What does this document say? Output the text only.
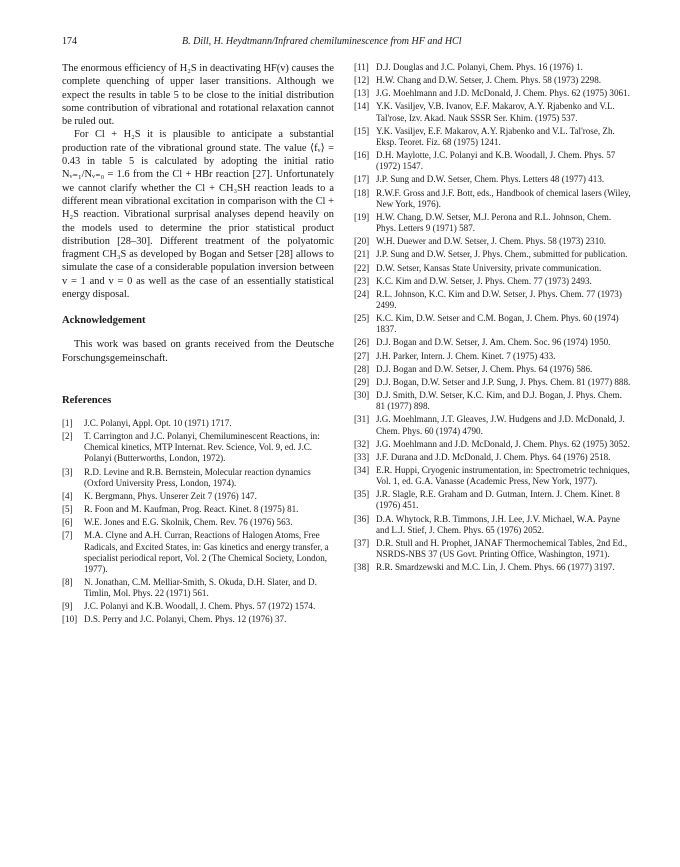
174	B. Dill, H. Heydtmann/Infrared chemiluminescence from HF and HCl

The enormous efficiency of H₂S in deactivating HF(v) causes the complete quenching of upper laser transitions. Although we expect the results in table 5 to be close to the initial distribution some contribution of vibrational and rotational relaxation cannot be ruled out.

For Cl + H₂S it is plausible to anticipate a substantial production rate of the vibrational ground state. The value ⟨fᵥ⟩ = 0.43 in table 5 is calculated by adopting the initial ratio Nᵥ₌₁/Nᵥ₌₀ = 1.6 from the Cl + HBr reaction [27]. Unfortunately we cannot clarify whether the Cl + CH₃SH reaction leads to a different mean vibrational excitation in comparison with the Cl + H₂S reaction. Vibrational surprisal analyses depend heavily on the models used to determine the prior statistical product distribution [28–30]. Different treatment of the polyatomic fragment CH₃S as developed by Bogan and Setser [28] allows to simulate the case of a considerable population inversion between v = 1 and v = 0 as well as the case of an essentially statistical energy disposal.

Acknowledgement

This work was based on grants received from the Deutsche Forschungsgemeinschaft.

References
[1]	J.C. Polanyi, Appl. Opt. 10 (1971) 1717.
[2]	T. Carrington and J.C. Polanyi, Chemiluminescent Reactions, in: Chemical kinetics, MTP Internat. Rev. Science, Vol. 9, ed. J.C. Polanyi (Butterworths, London, 1972).
[3]	R.D. Levine and R.B. Bernstein, Molecular reaction dynamics (Oxford University Press, London, 1974).
[4]	K. Bergmann, Phys. Unserer Zeit 7 (1976) 147.
[5]	R. Foon and M. Kaufman, Prog. React. Kinet. 8 (1975) 81.
[6]	W.E. Jones and E.G. Skolnik, Chem. Rev. 76 (1976) 563.
[7]	M.A. Clyne and A.H. Curran, Reactions of Halogen Atoms, Free Radicals, and Excited States, in: Gas kinetics and energy transfer, a specialist periodical report, Vol. 2 (The Chemical Society, London, 1977).
[8]	N. Jonathan, C.M. Melliar-Smith, S. Okuda, D.H. Slater, and D. Timlin, Mol. Phys. 22 (1971) 561.
[9]	J.C. Polanyi and K.B. Woodall, J. Chem. Phys. 57 (1972) 1574.
[10] D.S. Perry and J.C. Polanyi, Chem. Phys. 12 (1976) 37.
[11] D.J. Douglas and J.C. Polanyi, Chem. Phys. 16 (1976) 1.
[12] H.W. Chang and D.W. Setser, J. Chem. Phys. 58 (1973) 2298.
[13] J.G. Moehlmann and J.D. McDonald, J. Chem. Phys. 62 (1975) 3061.
[14] Y.K. Vasiljev, V.B. Ivanov, E.F. Makarov, A.Y. Rjabenko and V.L. Tal'rose, Izv. Akad. Nauk SSSR Ser. Khim. (1975) 537.
[15] Y.K. Vasiljev, E.F. Makarov, A.Y. Rjabenko and V.L. Tal'rose, Zh. Eksp. Teoret. Fiz. 68 (1975) 1241.
[16] D.H. Maylotte, J.C. Polanyi and K.B. Woodall, J. Chem. Phys. 57 (1972) 1547.
[17] J.P. Sung and D.W. Setser, Chem. Phys. Letters 48 (1977) 413.
[18] R.W.F. Gross and J.F. Bott, eds., Handbook of chemical lasers (Wiley, New York, 1976).
[19] H.W. Chang, D.W. Setser, M.J. Perona and R.L. Johnson, Chem. Phys. Letters 9 (1971) 587.
[20] W.H. Duewer and D.W. Setser, J. Chem. Phys. 58 (1973) 2310.
[21] J.P. Sung and D.W. Setser, J. Phys. Chem., submitted for publication.
[22] D.W. Setser, Kansas State University, private communication.
[23] K.C. Kim and D.W. Setser, J. Phys. Chem. 77 (1973) 2493.
[24] R.L. Johnson, K.C. Kim and D.W. Setser, J. Phys. Chem. 77 (1973) 2499.
[25] K.C. Kim, D.W. Setser and C.M. Bogan, J. Chem. Phys. 60 (1974) 1837.
[26] D.J. Bogan and D.W. Setser, J. Am. Chem. Soc. 96 (1974) 1950.
[27] J.H. Parker, Intern. J. Chem. Kinet. 7 (1975) 433.
[28] D.J. Bogan and D.W. Setser, J. Chem. Phys. 64 (1976) 586.
[29] D.J. Bogan, D.W. Setser and J.P. Sung, J. Phys. Chem. 81 (1977) 888.
[30] D.J. Smith, D.W. Setser, K.C. Kim, and D.J. Bogan, J. Phys. Chem. 81 (1977) 898.
[31] J.G. Moehlmann, J.T. Gleaves, J.W. Hudgens and J.D. McDonald, J. Chem. Phys. 60 (1974) 4790.
[32] J.G. Moehlmann and J.D. McDonald, J. Chem. Phys. 62 (1975) 3052.
[33] J.F. Durana and J.D. McDonald, J. Chem. Phys. 64 (1976) 2518.
[34] E.R. Huppi, Cryogenic instrumentation, in: Spectrometric techniques, Vol. 1, ed. G.A. Vanasse (Academic Press, New York, 1977).
[35] J.R. Slagle, R.E. Graham and D. Gutman, Intern. J. Chem. Kinet. 8 (1976) 451.
[36] D.A. Whytock, R.B. Timmons, J.H. Lee, J.V. Michael, W.A. Payne and L.J. Stief, J. Chem. Phys. 65 (1976) 2052.
[37] D.R. Stull and H. Prophet, JANAF Thermochemical Tables, 2nd Ed., NSRDS-NBS 37 (US Govt. Printing Office, Washington, 1971).
[38] R.R. Smardzewski and M.C. Lin, J. Chem. Phys. 66 (1977) 3197.
